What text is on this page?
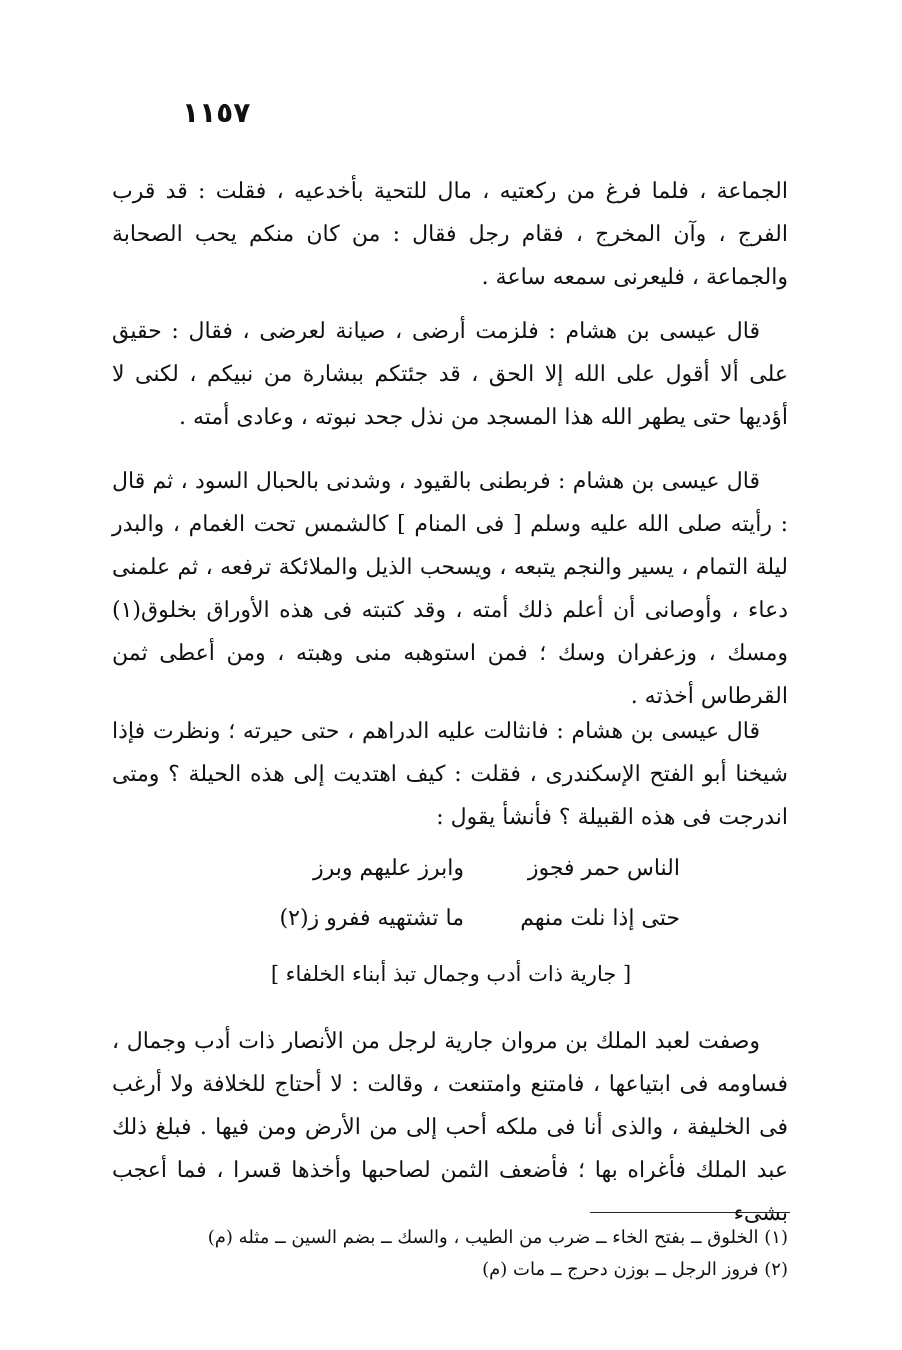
١١٥٧

الجماعة ، فلما فرغ من ركعتيه ، مال للتحية بأخدعيه ، فقلت : قد قرب الفرج ، وآن المخرج ، فقام رجل فقال : من كان منكم يحب الصحابة والجماعة ، فليعرنى سمعه ساعة .

قال عيسى بن هشام : فلزمت أرضى ، صيانة لعرضى ، فقال : حقيق على ألا أقول على الله إلا الحق ، قد جئتكم ببشارة من نبيكم ، لكنى لا أؤديها حتى يطهر الله هذا المسجد من نذل جحد نبوته ، وعادى أمته .

قال عيسى بن هشام : فربطنى بالقيود ، وشدنى بالحبال السود ، ثم قال : رأيته صلى الله عليه وسلم [ فى المنام ] كالشمس تحت الغمام ، والبدر ليلة التمام ، يسير والنجم يتبعه ، ويسحب الذيل والملائكة ترفعه ، ثم علمنى دعاء ، وأوصانى أن أعلم ذلك أمته ، وقد كتبته فى هذه الأوراق بخلوق(١) ومسك ، وزعفران وسك ؛ فمن استوهبه منى وهبته ، ومن أعطى ثمن القرطاس أخذته .

قال عيسى بن هشام : فانثالت عليه الدراهم ، حتى حيرته ؛ ونظرت فإذا شيخنا أبو الفتح الإسكندرى ، فقلت : كيف اهتديت إلى هذه الحيلة ؟ ومتى اندرجت فى هذه القبيلة ؟ فأنشأ يقول :

الناس حمر فجوز
وابرز عليهم وبرز
حتى إذا نلت منهم
ما تشتهيه ففرو ز(٢)
[ جارية ذات أدب وجمال تبذ أبناء الخلفاء ]

وصفت لعبد الملك بن مروان جارية لرجل من الأنصار ذات أدب وجمال ، فساومه فى ابتياعها ، فامتنع وامتنعت ، وقالت : لا أحتاج للخلافة ولا أرغب فى الخليفة ، والذى أنا فى ملكه أحب إلى من الأرض ومن فيها . فبلغ ذلك عبد الملك فأغراه بها ؛ فأضعف الثمن لصاحبها وأخذها قسرا ، فما أعجب بشىء

(١) الخلوق ــ بفتح الخاء ــ ضرب من الطيب ، والسك ــ بضم السين ــ مثله (م)
(٢) فروز الرجل ــ بوزن دحرج ــ مات (م)
